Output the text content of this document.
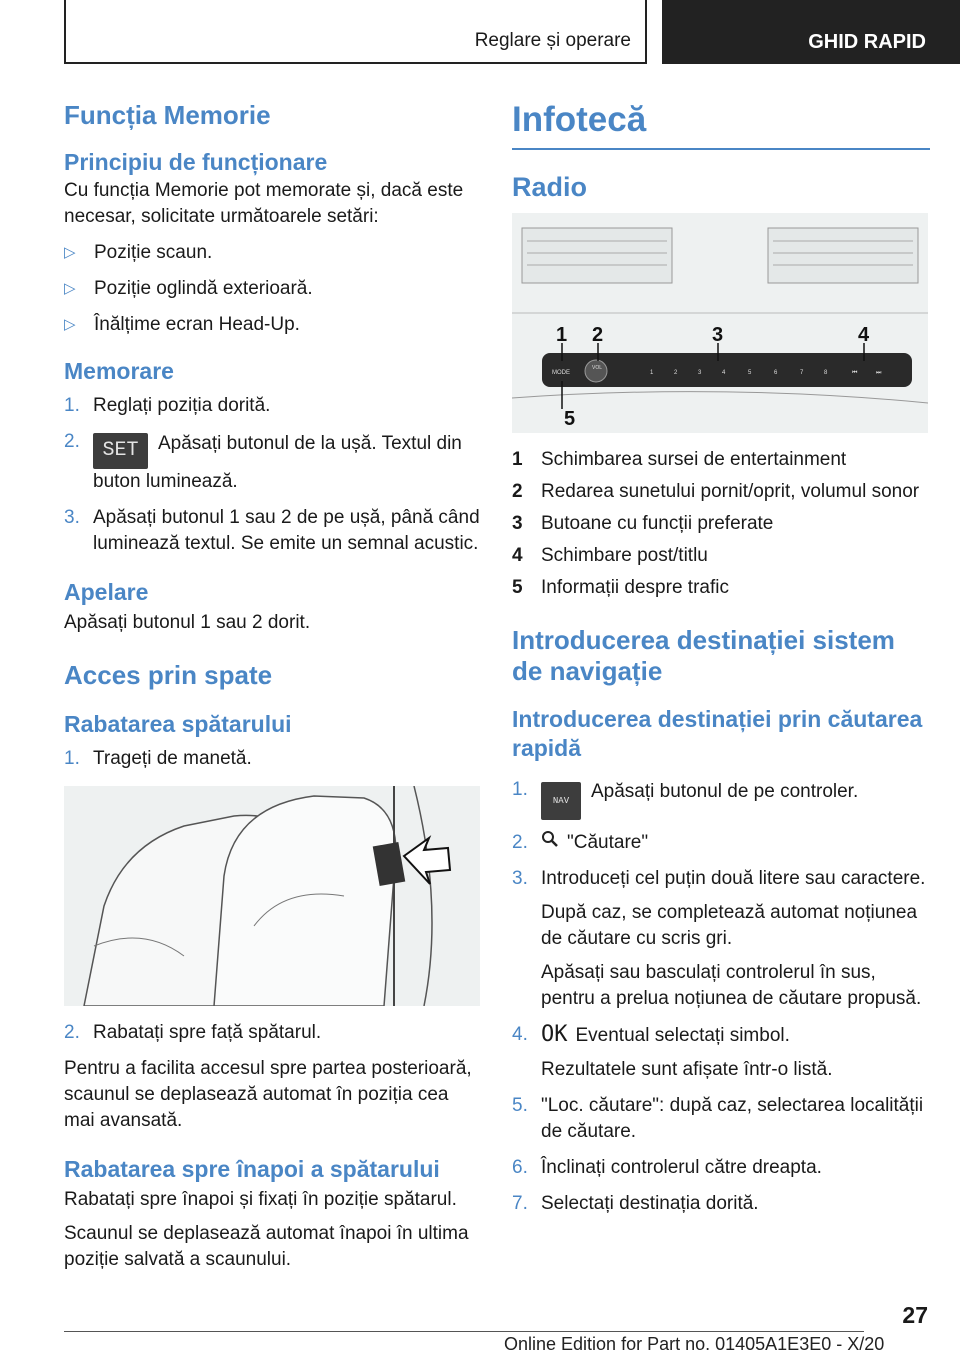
Reglare și operare	GHID RAPID
Funcția Memorie
Principiu de funcționare

Cu funcția Memorie pot memorate și, dacă este necesar, solicitate următoarele setări:

▷ Poziție scaun.
▷ Poziție oglindă exterioară.
▷ Înălțime ecran Head-Up.
Memorare
1. Reglați poziția dorită.
2. SET Apăsați butonul de la ușă. Textul din buton luminează.
3. Apăsați butonul 1 sau 2 de pe ușă, până când luminează textul. Se emite un semnal acustic.
Apelare

Apăsați butonul 1 sau 2 dorit.

Acces prin spate
Rabatarea spătarului
1. Trageți de manetă.
2. Rabatați spre față spătarul.

Pentru a facilita accesul spre partea posterioară, scaunul se deplasează automat în poziția cea mai avansată.

Rabatarea spre înapoi a spătarului

Rabatați spre înapoi și fixați în poziție spătarul.

Scaunul se deplasează automat înapoi în ultima poziție salvată a scaunului.

Infotecă
Radio
MODE
VOL
1	2	3	4	5	6	7	8	⏮	⏭
1 2	3	4
5
1 Schimbarea sursei de entertainment
2 Redarea sunetului pornit/oprit, volumul sonor
3 Butoane cu funcții preferate
4 Schimbare post/titlu
5 Informații despre trafic
Introducerea destinației sistem de navigație
Introducerea destinației prin căutarea rapidă
1.
NAV Apăsați butonul de pe controler.
2. "Căutare"
3. Introduceți cel puțin două litere sau caractere.
După caz, se completează automat noțiunea de căutare cu scris gri.
Apăsați sau basculați controlerul în sus, pentru a prelua noțiunea de căutare propusă.
4. OK Eventual selectați simbol.
Rezultatele sunt afișate într-o listă.
5. "Loc. căutare": după caz, selectarea localității de căutare.
6. Înclinați controlerul către dreapta.
7. Selectați destinația dorită.
27
Online Edition for Part no. 01405A1E3E0 - X/20
